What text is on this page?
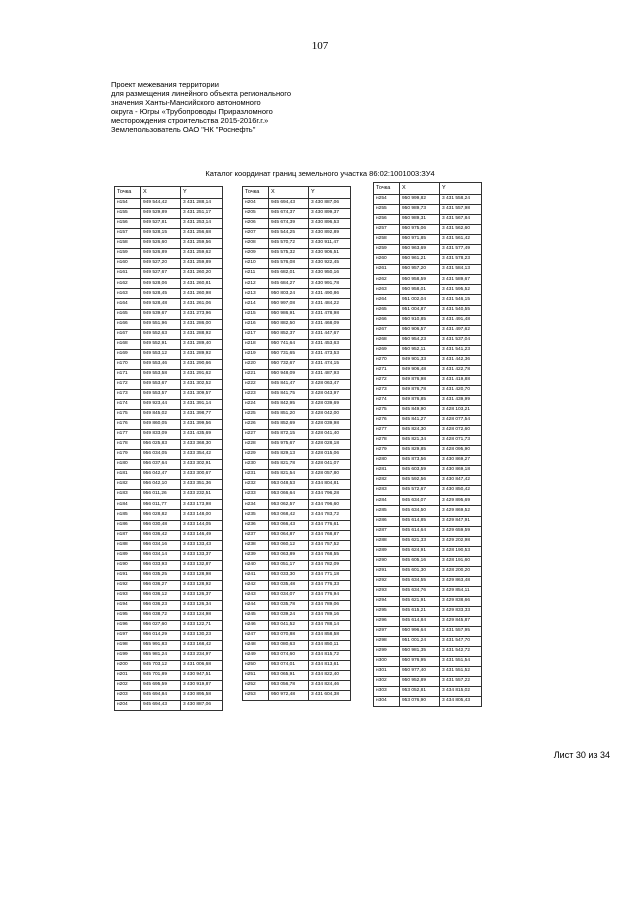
107
Проект межевания территории
для размещения линейного объекта регионального
значения Ханты-Мансийского автономного
округа - Югры «Трубопроводы Приразломного
месторождения строительства 2015-2016г.г.»
Землепользователь ОАО "НК "Роснефть"
Каталог координат границ земельного участка 86:02:1001003:ЗУ4
Точка	X	Y
н154	949 544,42	3 431 288,14
н155	949 529,89	3 431 251,17
н156	949 527,81	3 431 253,14
н157	949 528,15	3 431 256,68
н158	949 526,60	3 431 259,56
н159	949 526,89	3 431 259,62
н160	949 527,20	3 431 259,89
н161	949 527,67	3 431 260,20
н162	949 528,06	3 431 260,81
н163	949 528,45	3 431 260,98
н164	949 528,48	3 431 261,06
н165	949 539,67	3 431 273,96
н166	949 551,96	3 431 286,00
н167	949 552,63	3 431 288,92
н168	949 552,91	3 431 289,40
н169	949 553,12	3 431 289,92
н170	949 553,46	3 431 290,66
н171	949 553,58	3 431 291,62
н172	949 553,67	3 431 302,52
н173	949 553,57	3 431 309,57
н174	949 923,44	3 431 391,14
н175	949 845,02	3 431 398,77
н176	949 860,05	3 431 399,56
н177	949 833,09	3 431 435,69
н178	956 025,83	3 433 368,30
н179	956 034,05	3 433 354,42
н180	956 037,64	3 433 302,91
н181	956 042,47	3 433 300,67
н182	956 042,10	3 433 351,36
н183	956 011,26	3 433 232,51
н184	956 011,77	3 433 173,98
н185	956 028,82	3 433 148,00
н186	956 030,48	3 433 144,05
н187	956 036,42	3 433 146,49
н188	956 034,16	3 433 133,43
н189	956 034,14	3 433 133,37
н190	956 033,93	3 433 132,87
н191	956 035,25	3 433 128,98
н192	956 036,27	3 433 128,92
н193	956 036,12	3 433 126,37
н194	956 036,23	3 433 126,34
н195	956 038,72	3 433 124,98
н196	956 027,60	3 433 122,71
н197	956 014,29	3 433 130,23
н198	955 991,83	3 433 168,42
н199	955 981,24	3 433 234,97
н200	945 703,12	3 431 006,68
н201	945 701,89	3 430 947,51
н202	945 695,59	3 430 919,87
н203	945 694,84	3 430 895,58
н204	945 694,43	3 430 887,06
Точка	X	Y
н204	945 694,43	3 430 887,06
н205	945 674,37	3 430 899,37
н206	945 674,39	3 430 896,53
н207	945 544,25	3 430 892,89
н208	945 570,72	3 430 911,47
н209	945 575,32	3 430 906,51
н210	945 576,08	3 430 922,45
н211	945 682,01	3 430 950,16
н212	945 684,27	3 430 991,78
н213	950 803,24	3 431 490,86
н214	950 997,08	3 431 484,22
н215	950 986,91	3 431 478,98
н216	950 882,50	3 431 468,09
н217	950 852,37	3 431 447,67
н218	950 741,64	3 431 453,63
н219	950 731,65	3 431 473,53
н220	950 732,67	3 431 474,15
н221	950 948,09	3 431 487,93
н222	945 841,47	3 428 063,47
н223	945 841,75	3 428 043,97
н224	945 842,95	3 428 039,69
н225	945 851,20	3 428 042,00
н226	945 852,69	3 428 039,98
н227	945 872,15	3 428 041,40
н228	945 975,67	3 428 028,18
н229	945 829,13	3 428 015,06
н230	945 821,78	3 428 041,07
н231	945 821,54	3 428 057,80
н232	953 048,53	3 434 804,81
н233	953 066,64	3 434 796,28
н234	953 062,57	3 434 796,60
н235	953 068,42	3 434 783,72
н236	953 066,43	3 434 776,61
н237	953 064,87	3 434 768,87
н238	953 060,12	3 434 757,52
н239	953 063,89	3 434 768,55
н240	953 051,17	3 434 782,09
н241	953 033,30	3 434 771,18
н242	953 035,48	3 434 776,33
н243	953 034,07	3 434 776,94
н244	953 035,78	3 434 789,06
н245	953 039,24	3 434 789,16
н246	953 041,52	3 434 788,14
н247	953 070,88	3 434 858,58
н248	953 080,63	3 434 850,11
н249	953 074,60	3 434 815,72
н250	953 074,01	3 434 813,61
н251	953 065,91	3 434 822,40
н252	953 056,78	3 434 824,46
н253	950 972,48	3 431 604,38
Точка	X	Y
н254	950 999,82	3 431 558,24
н255	950 989,73	3 431 557,98
н256	950 989,31	3 431 567,84
н257	950 975,06	3 431 562,60
н258	950 971,85	3 431 561,42
н259	950 963,69	3 431 577,49
н260	950 961,21	3 431 578,23
н261	950 957,20	3 431 584,13
н262	950 958,59	3 431 589,67
н263	950 958,01	3 431 595,52
н264	951 002,04	3 431 546,15
н265	951 004,87	3 431 540,55
н266	950 910,85	3 431 491,48
н267	950 906,57	3 431 497,62
н268	950 954,23	3 431 537,04
н269	950 952,11	3 431 541,23
н270	949 901,33	3 431 442,36
н271	949 906,48	3 431 422,78
н272	949 876,98	3 431 419,88
н273	949 876,78	3 431 420,70
н274	949 876,85	3 431 439,99
н275	945 849,90	3 428 103,21
н276	945 841,27	3 428 077,54
н277	945 824,30	3 428 072,60
н278	945 821,34	3 428 071,73
н279	945 829,85	3 428 095,90
н280	945 873,56	3 430 869,27
н281	945 603,59	3 430 869,18
н282	945 592,56	3 430 847,42
н283	945 572,67	3 430 850,42
н284	945 634,07	3 429 895,69
н285	945 634,50	3 429 869,52
н286	945 614,85	3 429 847,91
н287	945 614,64	3 429 659,59
н288	945 621,33	3 429 202,98
н289	945 624,91	3 428 190,53
н290	945 605,16	3 428 191,60
н291	945 601,30	3 428 200,20
н292	945 634,55	3 429 863,48
н293	945 634,76	3 429 854,11
н294	945 621,91	3 429 838,66
н295	945 615,21	3 429 833,33
н296	945 614,84	3 429 845,87
н297	950 996,64	3 431 557,95
н298	951 001,24	3 431 547,70
н299	950 981,35	3 431 542,72
н300	950 976,95	3 431 551,54
н301	950 977,40	3 431 551,52
н302	950 952,89	3 431 557,22
н303	953 052,81	3 434 815,02
н304	953 076,90	3 434 805,43
Лист 30 из 34
